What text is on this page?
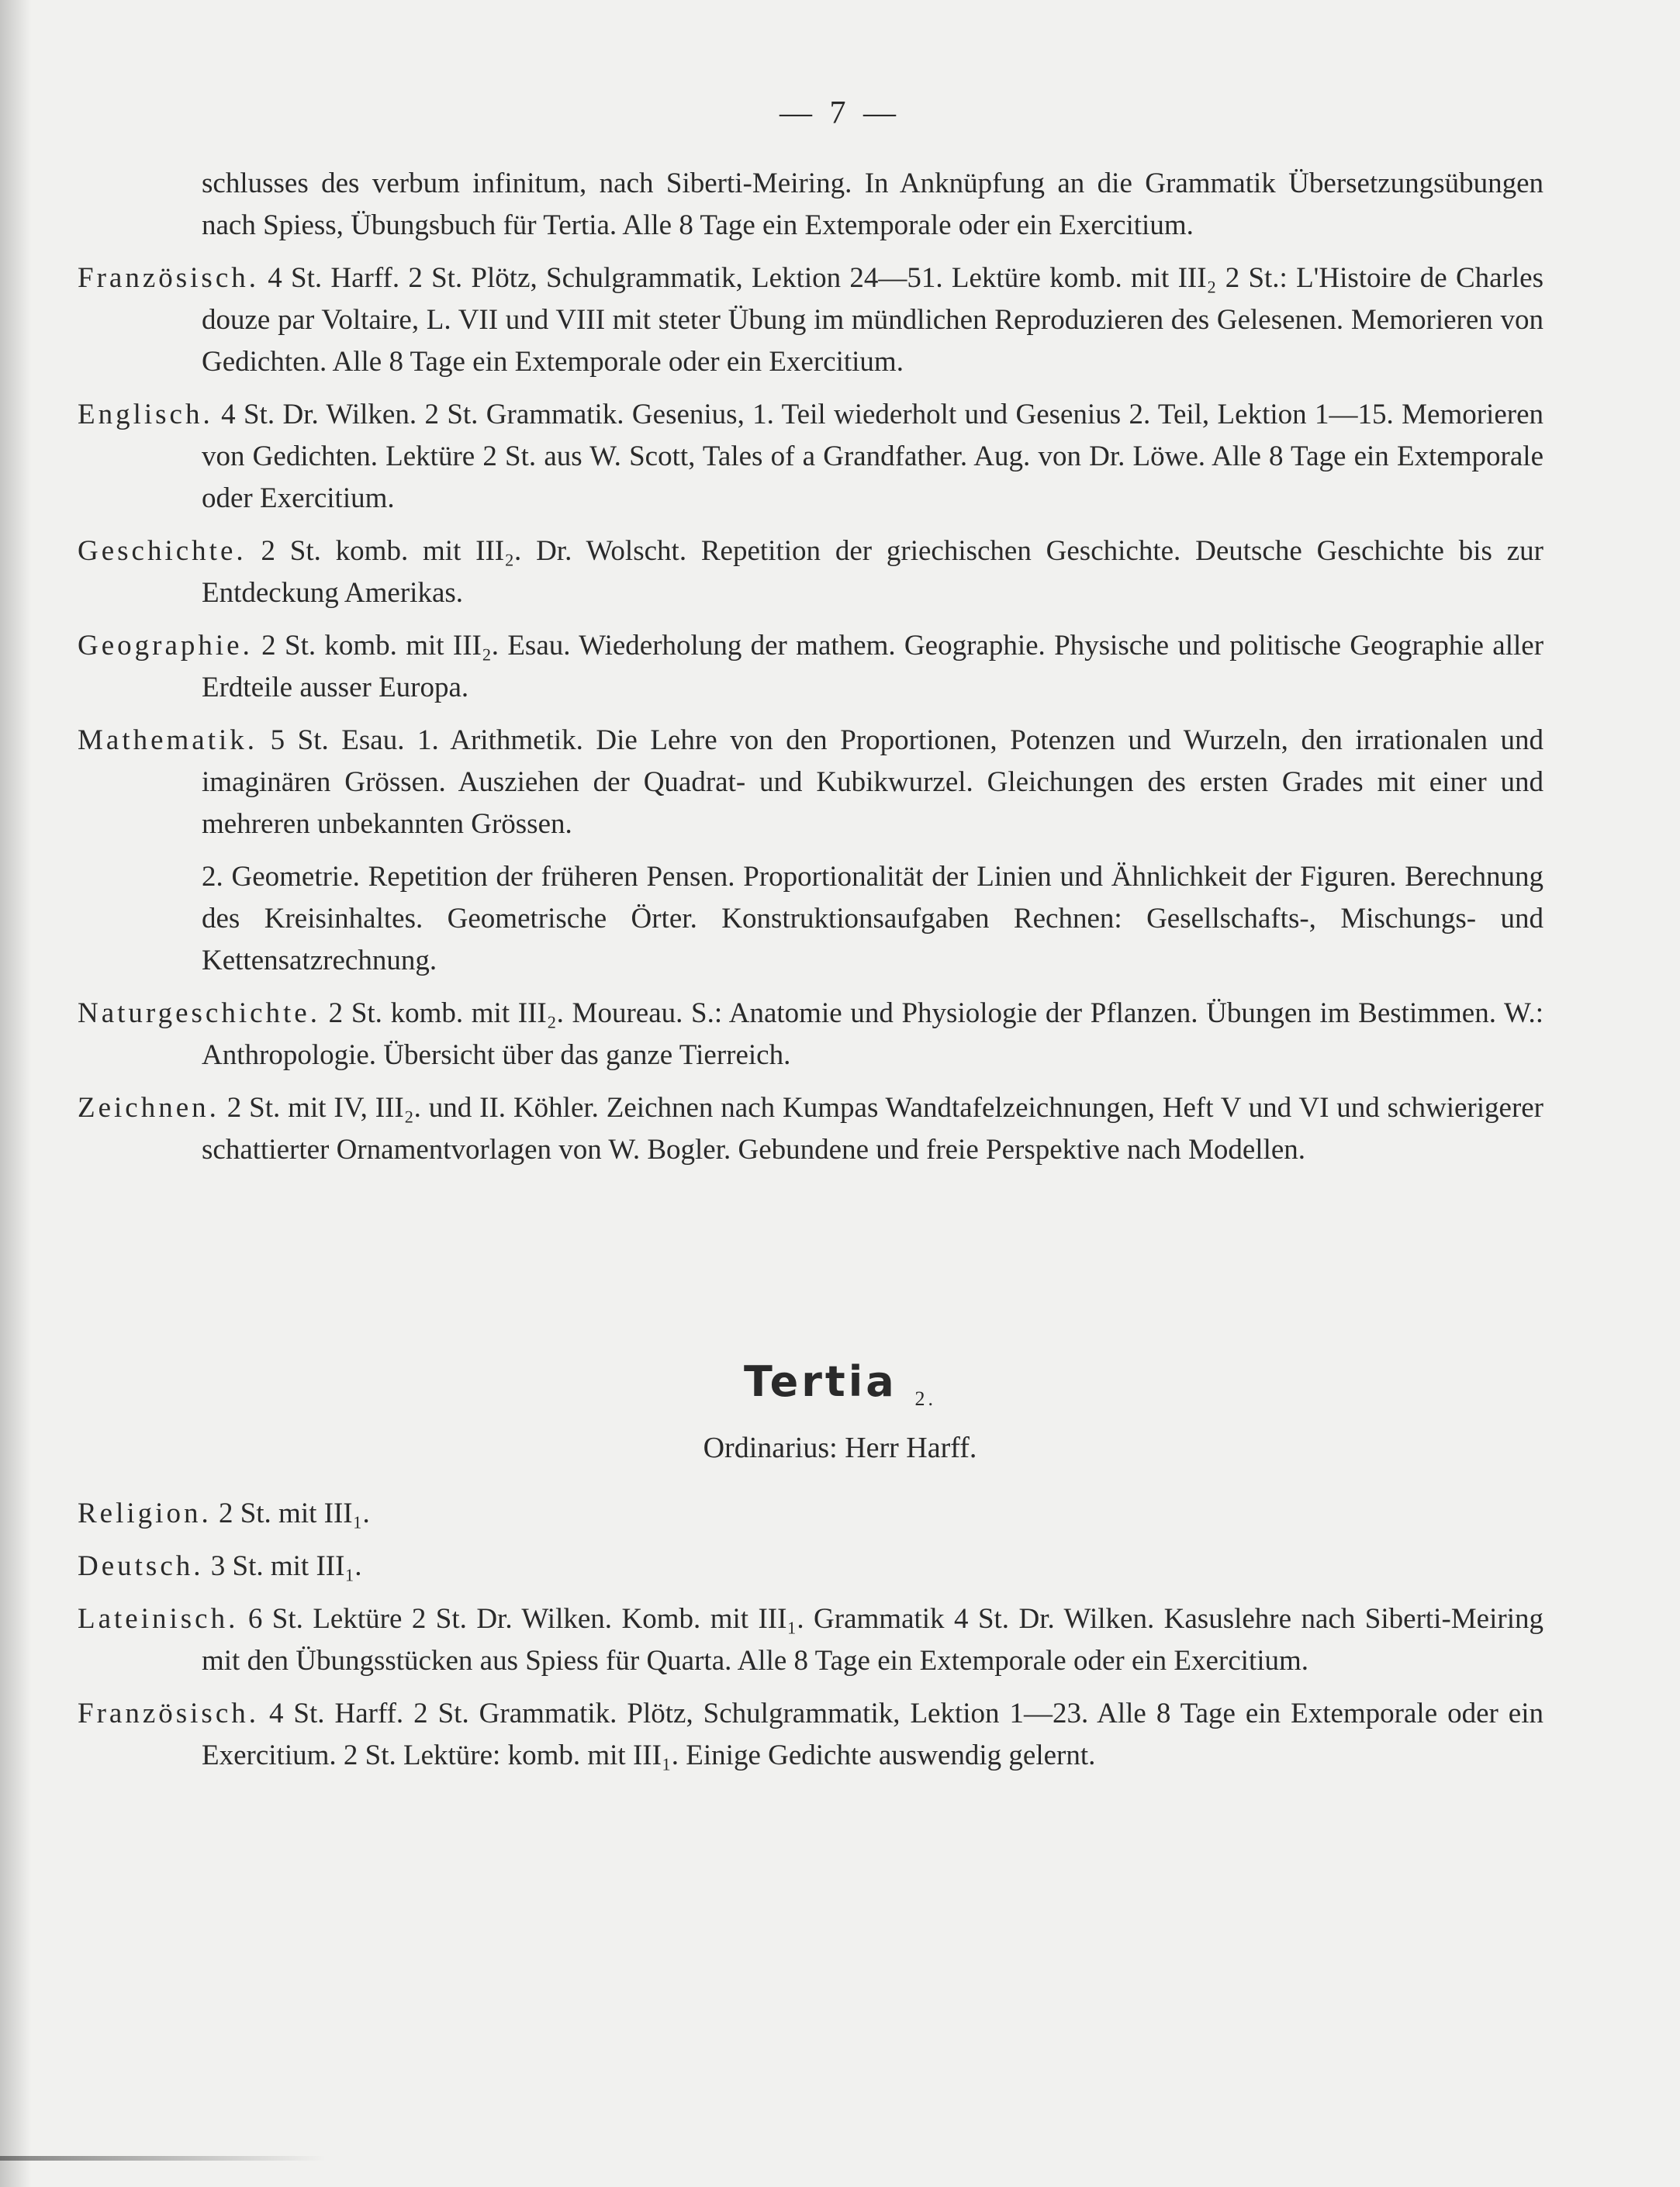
— 7 —

schlusses des verbum infinitum, nach Siberti-Meiring. In Anknüpfung an die Grammatik Übersetzungsübungen nach Spiess, Übungsbuch für Tertia. Alle 8 Tage ein Extemporale oder ein Exercitium.

Französisch. 4 St. Harff. 2 St. Plötz, Schulgrammatik, Lektion 24—51. Lektüre komb. mit III₂ 2 St.: L'Histoire de Charles douze par Voltaire, L. VII und VIII mit steter Übung im mündlichen Reproduzieren des Gelesenen. Memorieren von Gedichten. Alle 8 Tage ein Extemporale oder ein Exercitium.

Englisch. 4 St. Dr. Wilken. 2 St. Grammatik. Gesenius, 1. Teil wiederholt und Gesenius 2. Teil, Lektion 1—15. Memorieren von Gedichten. Lektüre 2 St. aus W. Scott, Tales of a Grandfather. Aug. von Dr. Löwe. Alle 8 Tage ein Extemporale oder Exercitium.

Geschichte. 2 St. komb. mit III₂. Dr. Wolscht. Repetition der griechischen Geschichte. Deutsche Geschichte bis zur Entdeckung Amerikas.

Geographie. 2 St. komb. mit III₂. Esau. Wiederholung der mathem. Geographie. Physische und politische Geographie aller Erdteile ausser Europa.

Mathematik. 5 St. Esau. 1. Arithmetik. Die Lehre von den Proportionen, Potenzen und Wurzeln, den irrationalen und imaginären Grössen. Ausziehen der Quadrat- und Kubikwurzel. Gleichungen des ersten Grades mit einer und mehreren unbekannten Grössen.

2. Geometrie. Repetition der früheren Pensen. Proportionalität der Linien und Ähnlichkeit der Figuren. Berechnung des Kreisinhaltes. Geometrische Örter. Konstruktionsaufgaben Rechnen: Gesellschafts-, Mischungs- und Kettensatzrechnung.

Naturgeschichte. 2 St. komb. mit III₂. Moureau. S.: Anatomie und Physiologie der Pflanzen. Übungen im Bestimmen. W.: Anthropologie. Übersicht über das ganze Tierreich.

Zeichnen. 2 St. mit IV, III₂. und II. Köhler. Zeichnen nach Kumpas Wandtafelzeichnungen, Heft V und VI und schwierigerer schattierter Ornamentvorlagen von W. Bogler. Gebundene und freie Perspektive nach Modellen.

Tertia $_{2.}$
Ordinarius: Herr Harff.

Religion. 2 St. mit III₁.

Deutsch. 3 St. mit III₁.

Lateinisch. 6 St. Lektüre 2 St. Dr. Wilken. Komb. mit III₁. Grammatik 4 St. Dr. Wilken. Kasuslehre nach Siberti-Meiring mit den Übungsstücken aus Spiess für Quarta. Alle 8 Tage ein Extemporale oder ein Exercitium.

Französisch. 4 St. Harff. 2 St. Grammatik. Plötz, Schulgrammatik, Lektion 1—23. Alle 8 Tage ein Extemporale oder ein Exercitium. 2 St. Lektüre: komb. mit III₁. Einige Gedichte auswendig gelernt.
